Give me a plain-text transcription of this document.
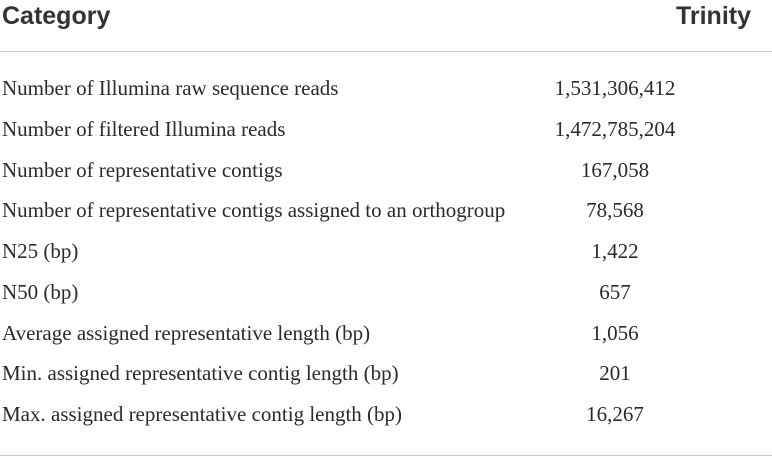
Category	Trinity
Number of Illumina raw sequence reads	1,531,306,412
Number of filtered Illumina reads	1,472,785,204
Number of representative contigs	167,058
Number of representative contigs assigned to an orthogroup	78,568
N25 (bp)	1,422
N50 (bp)	657
Average assigned representative length (bp)	1,056
Min. assigned representative contig length (bp)	201
Max. assigned representative contig length (bp)	16,267
